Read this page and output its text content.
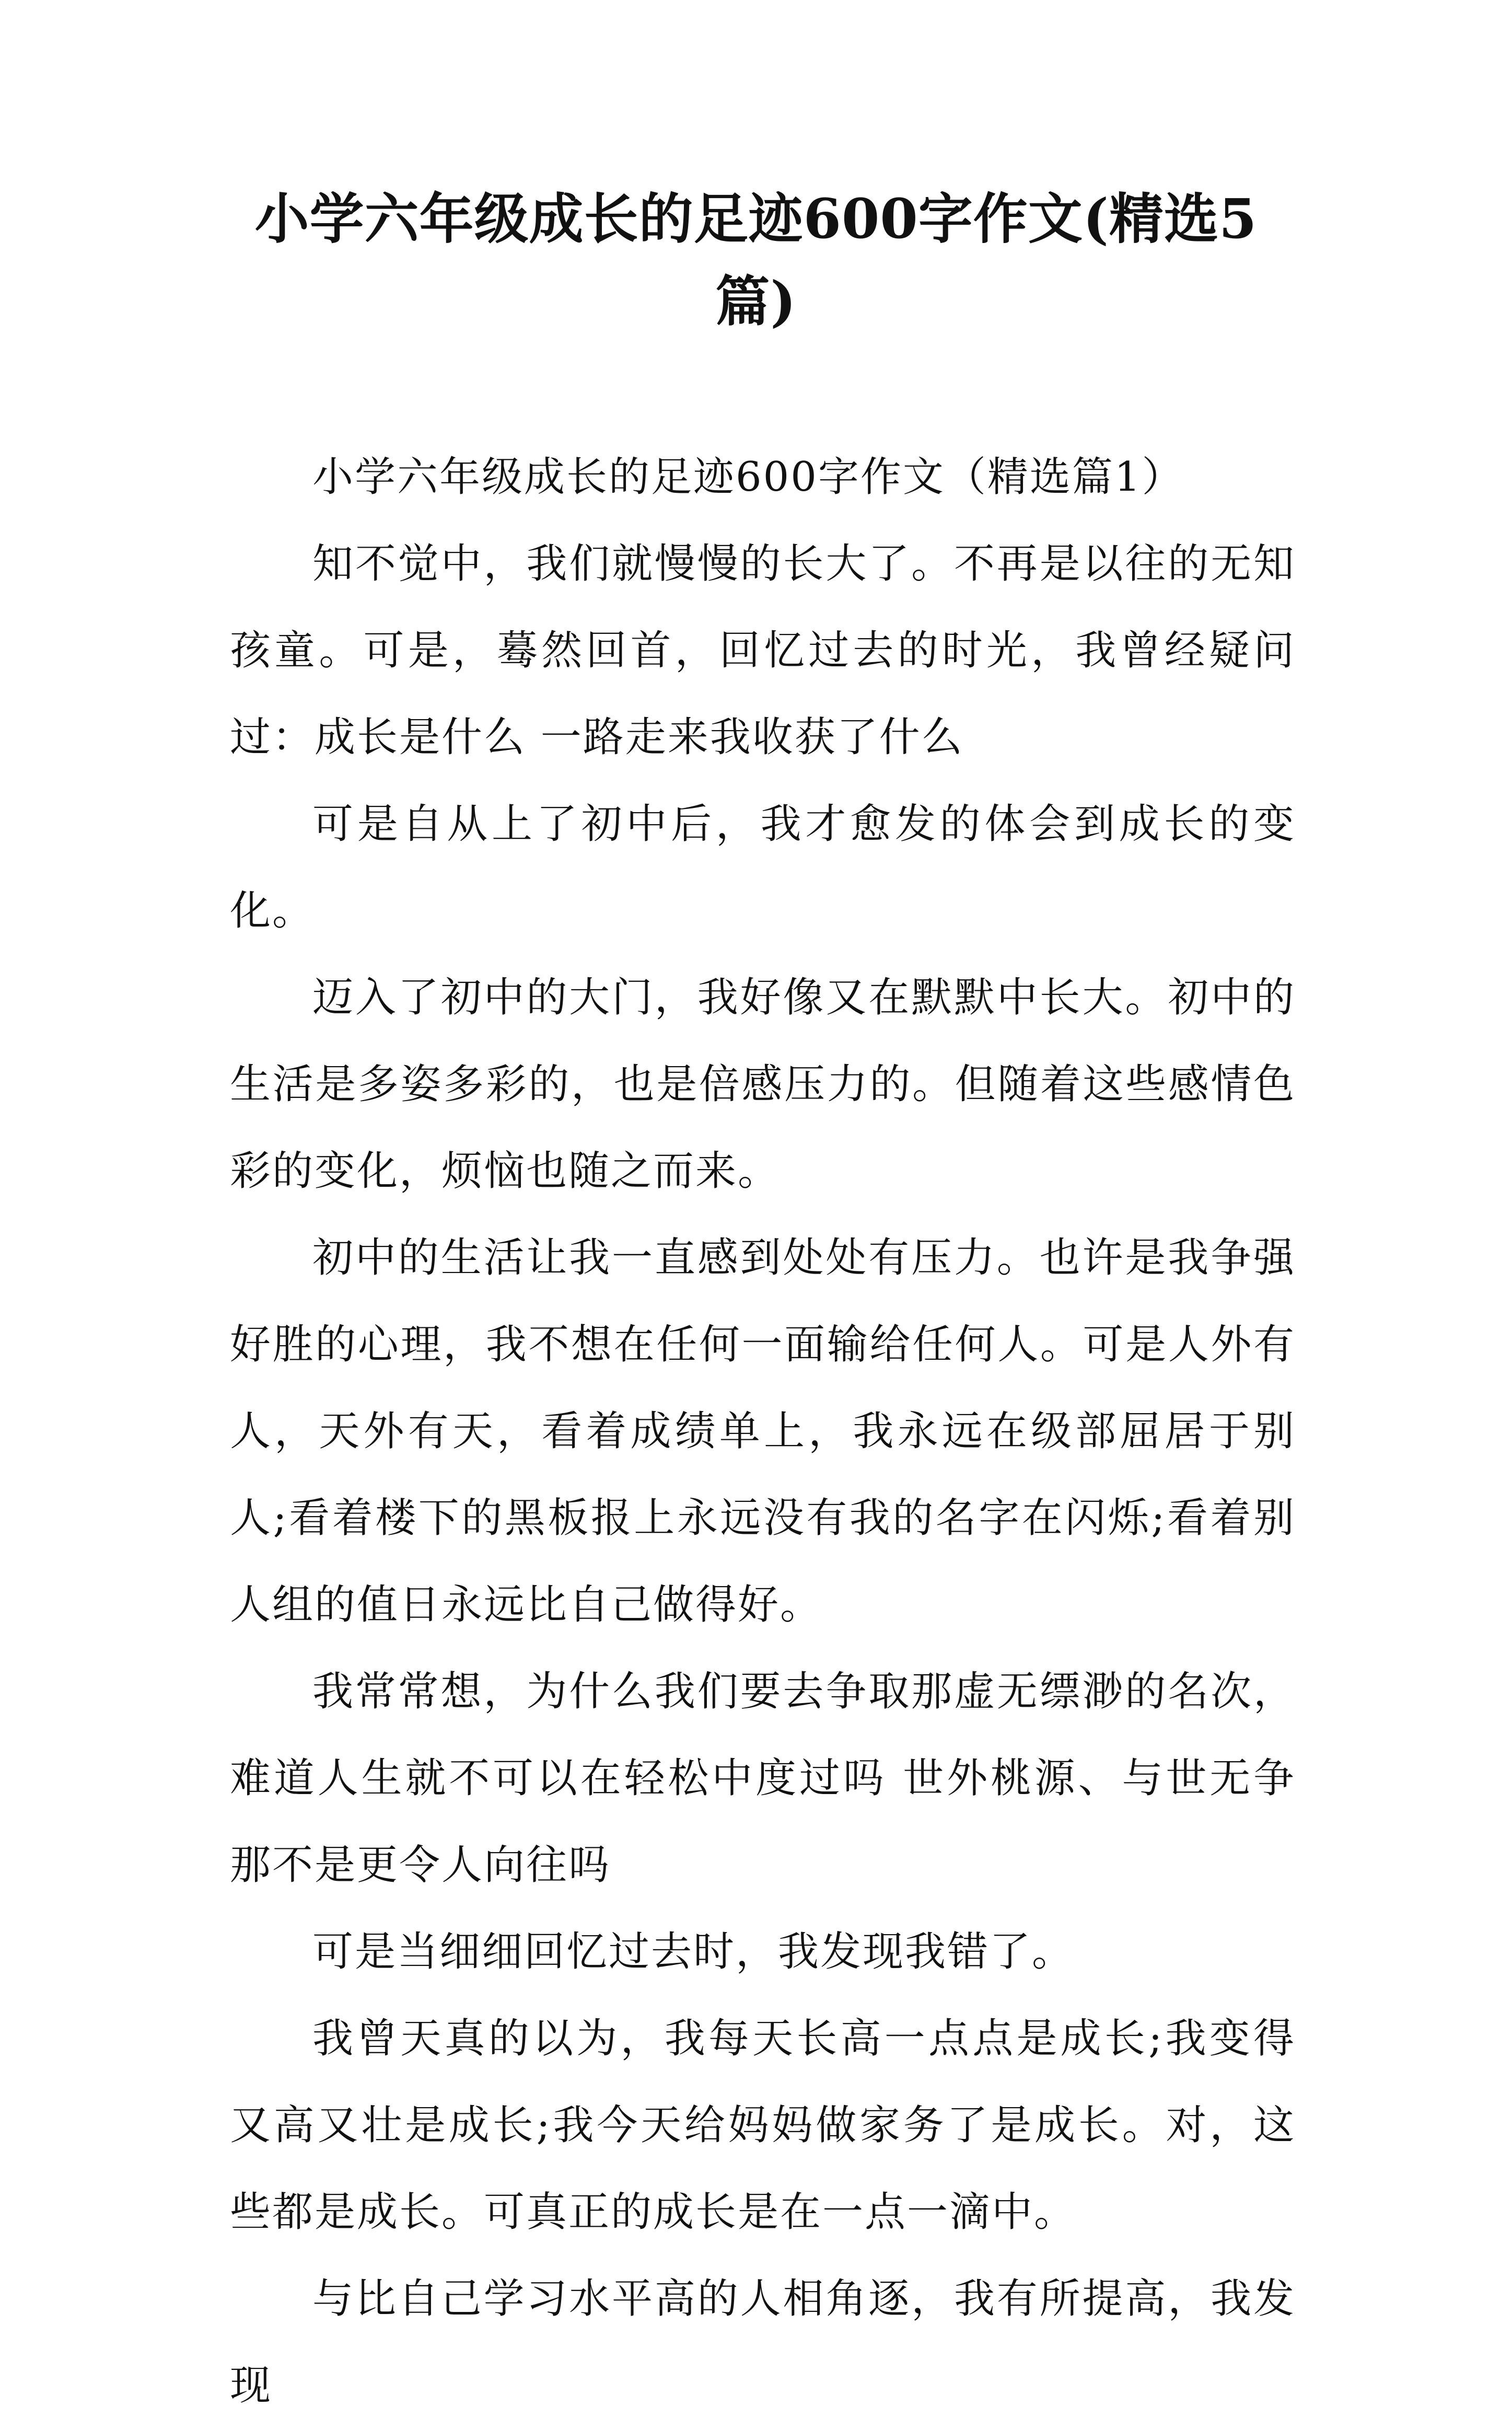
小学六年级成长的足迹600字作文(精选5篇)

小学六年级成长的足迹600字作文（精选篇1）

知不觉中，我们就慢慢的长大了。不再是以往的无知孩童。可是，蓦然回首，回忆过去的时光，我曾经疑问过：成长是什么 一路走来我收获了什么

可是自从上了初中后，我才愈发的体会到成长的变化。

迈入了初中的大门，我好像又在默默中长大。初中的生活是多姿多彩的，也是倍感压力的。但随着这些感情色彩的变化，烦恼也随之而来。

初中的生活让我一直感到处处有压力。也许是我争强好胜的心理，我不想在任何一面输给任何人。可是人外有人，天外有天，看着成绩单上，我永远在级部屈居于别人;看着楼下的黑板报上永远没有我的名字在闪烁;看着别人组的值日永远比自己做得好。

我常常想，为什么我们要去争取那虚无缥渺的名次，难道人生就不可以在轻松中度过吗 世外桃源、与世无争那不是更令人向往吗

可是当细细回忆过去时，我发现我错了。

我曾天真的以为，我每天长高一点点是成长;我变得又高又壮是成长;我今天给妈妈做家务了是成长。对，这些都是成长。可真正的成长是在一点一滴中。

与比自己学习水平高的人相角逐，我有所提高，我发现
